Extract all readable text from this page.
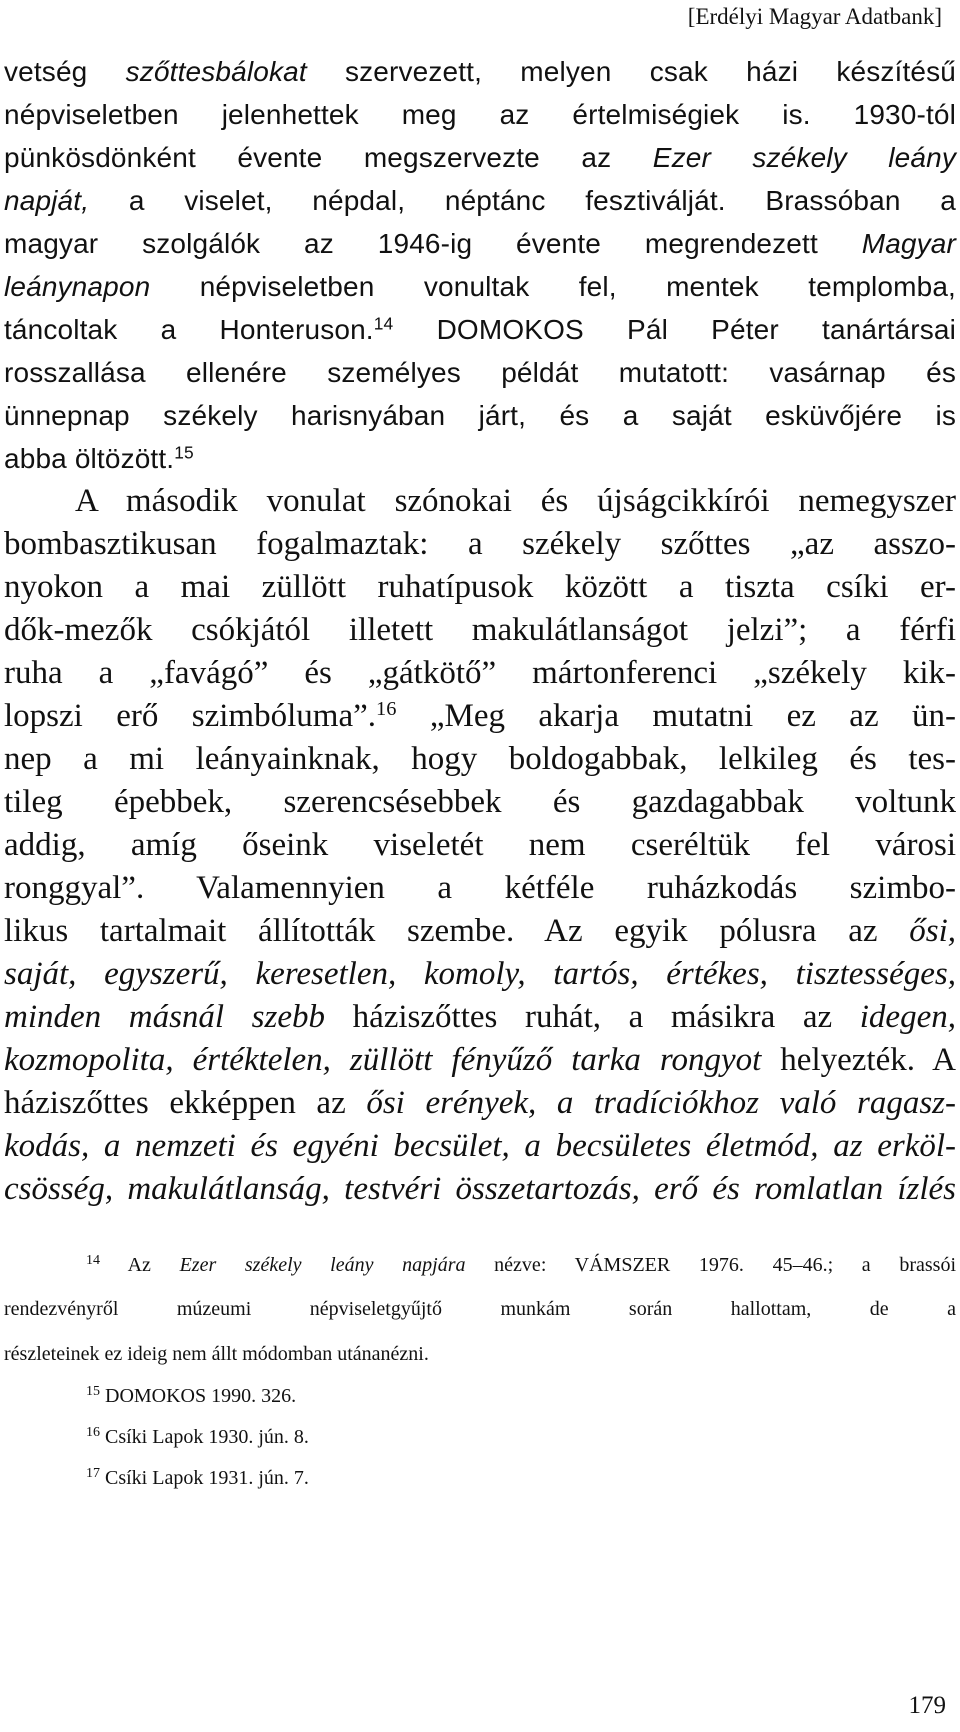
[Erdélyi Magyar Adatbank]
vetség szőttesbálokat szervezett, melyen csak házi készítésű
népviseletben jelenhettek meg az értelmiségiek is. 1930-tól
pünkösdönként évente megszervezte az Ezer székely leány
napját, a viselet, népdal, néptánc fesztiválját. Brassóban a
magyar szolgálók az 1946-ig évente megrendezett Magyar
leánynapon népviseletben vonultak fel, mentek templomba,
táncoltak a Honteruson.$^{14}$ DOMOKOS Pál Péter tanártársai
rosszallása ellenére személyes példát mutatott: vasárnap és
ünnepnap székely harisnyában járt, és a saját esküvőjére is
abba öltözött.$^{15}$
A második vonulat szónokai és újságcikkírói nemegyszer
bombasztikusan fogalmaztak: a székely szőttes „az asszo-
nyokon a mai züllött ruhatípusok között a tiszta csíki er-
dők-mezők csókjától illetett makulátlanságot jelzi”; a férfi
ruha a „favágó” és „gátkötő” mártonferenci „székely kik-
lopszi erő szimbóluma”.$^{16}$ „Meg akarja mutatni ez az ün-
nep a mi leányainknak, hogy boldogabbak, lelkileg és tes-
tileg épebbek, szerencsésebbek és gazdagabbak voltunk
addig, amíg őseink viseletét nem cseréltük fel városi
ronggyal”. Valamennyien a kétféle ruházkodás szimbo-
likus tartalmait állították szembe. Az egyik pólusra az ősi,
saját, egyszerű, keresetlen, komoly, tartós, értékes, tisztességes,
minden másnál szebb háziszőttes ruhát, a másikra az idegen,
kozmopolita, értéktelen, züllött fényűző tarka rongyot helyezték. A
háziszőttes ekképpen az ősi erények, a tradíciókhoz való ragasz-
kodás, a nemzeti és egyéni becsület, a becsületes életmód, az erköl-
csösség, makulátlanság, testvéri összetartozás, erő és romlatlan ízlés
$^{14}$ Az Ezer székely leány napjára nézve: VÁMSZER 1976. 45–46.; a brassói
rendezvényről múzeumi népviseletgyűjtő munkám során hallottam, de a
részleteinek ez ideig nem állt módomban utánanézni.
$^{15}$ DOMOKOS 1990. 326.
$^{16}$ Csíki Lapok 1930. jún. 8.
$^{17}$ Csíki Lapok 1931. jún. 7.
179
